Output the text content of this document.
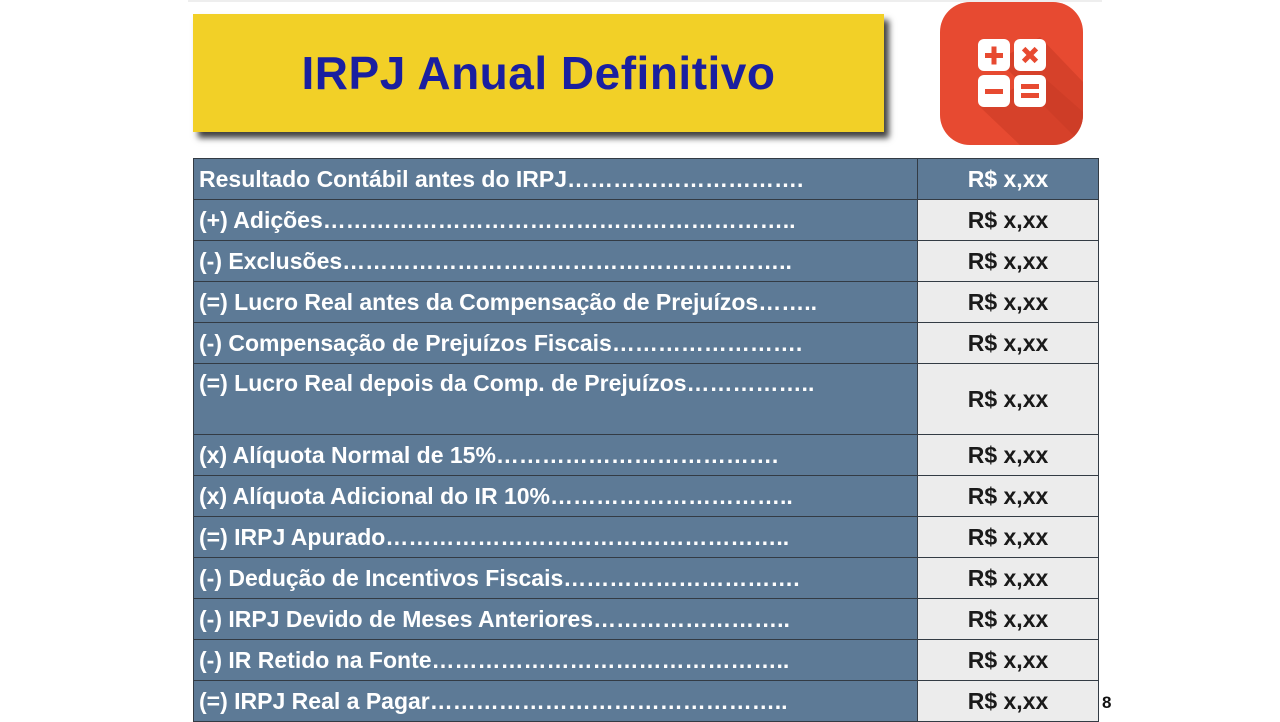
IRPJ Anual Definitivo
Resultado Contábil antes do IRPJ………………………….	R$ x,xx
(+) Adições……………………………………………………..	R$ x,xx
(-) Exclusões…………………………………………………..	R$ x,xx
(=) Lucro Real antes da Compensação de Prejuízos……..	R$ x,xx
(-) Compensação de Prejuízos Fiscais…………………….	R$ x,xx
(=) Lucro Real depois da Comp. de Prejuízos……………..	R$ x,xx
(x) Alíquota Normal de 15%……………………………….	R$ x,xx
(x) Alíquota Adicional do IR 10%…………………………..	R$ x,xx
(=) IRPJ Apurado……………………………………………..	R$ x,xx
(-) Dedução de Incentivos Fiscais………………………….	R$ x,xx
(-) IRPJ Devido de Meses Anteriores……………………..	R$ x,xx
(-) IR Retido na Fonte………………………………………..	R$ x,xx
(=) IRPJ Real a Pagar………………………………………..	R$ x,xx	8
